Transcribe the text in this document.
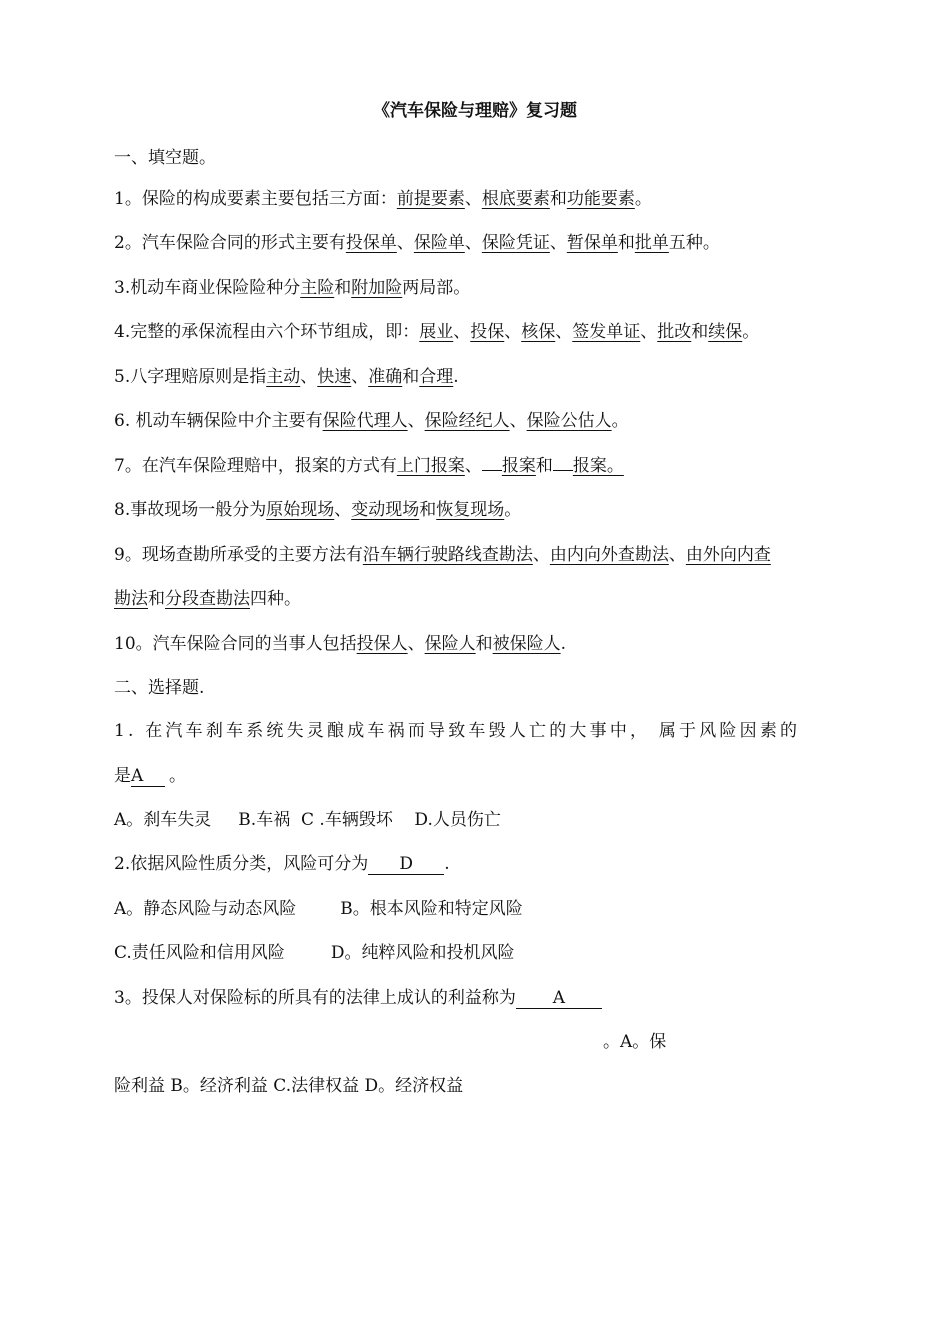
《汽车保险与理赔》复习题
一、填空题。
1。保险的构成要素主要包括三方面：前提要素、根底要素和功能要素。
2。汽车保险合同的形式主要有投保单、保险单、保险凭证、暂保单和批单五种。
3.机动车商业保险险种分主险和附加险两局部。
4.完整的承保流程由六个环节组成，即：展业、投保、核保、签发单证、批改和续保。
5.八字理赔原则是指主动、快速、准确和合理.
6. 机动车辆保险中介主要有保险代理人、保险经纪人、保险公估人。
7。在汽车保险理赔中，报案的方式有上门报案、 报案和 报案。
8.事故现场一般分为原始现场、变动现场和恢复现场。
9。现场查勘所承受的主要方法有沿车辆行驶路线查勘法、由内向外查勘法、由外向内查
勘法和分段查勘法四种。
10。汽车保险合同的当事人包括投保人、保险人和被保险人.
二、选择题.
1. 在汽车刹车系统失灵酿成车祸而导致车毁人亡的大事中， 属于风险因素的
是A 。
A。刹车失灵     B.车祸  C .车辆毁坏    D.人员伤亡
2.依据风险性质分类，风险可分为 D .
A。静态风险与动态风险	B。根本风险和特定风险
C.责任风险和信用风险	D。纯粹风险和投机风险
3。投保人对保险标的所具有的法律上成认的利益称为 A
。A。保
险利益 B。经济利益 C.法律权益 D。经济权益
